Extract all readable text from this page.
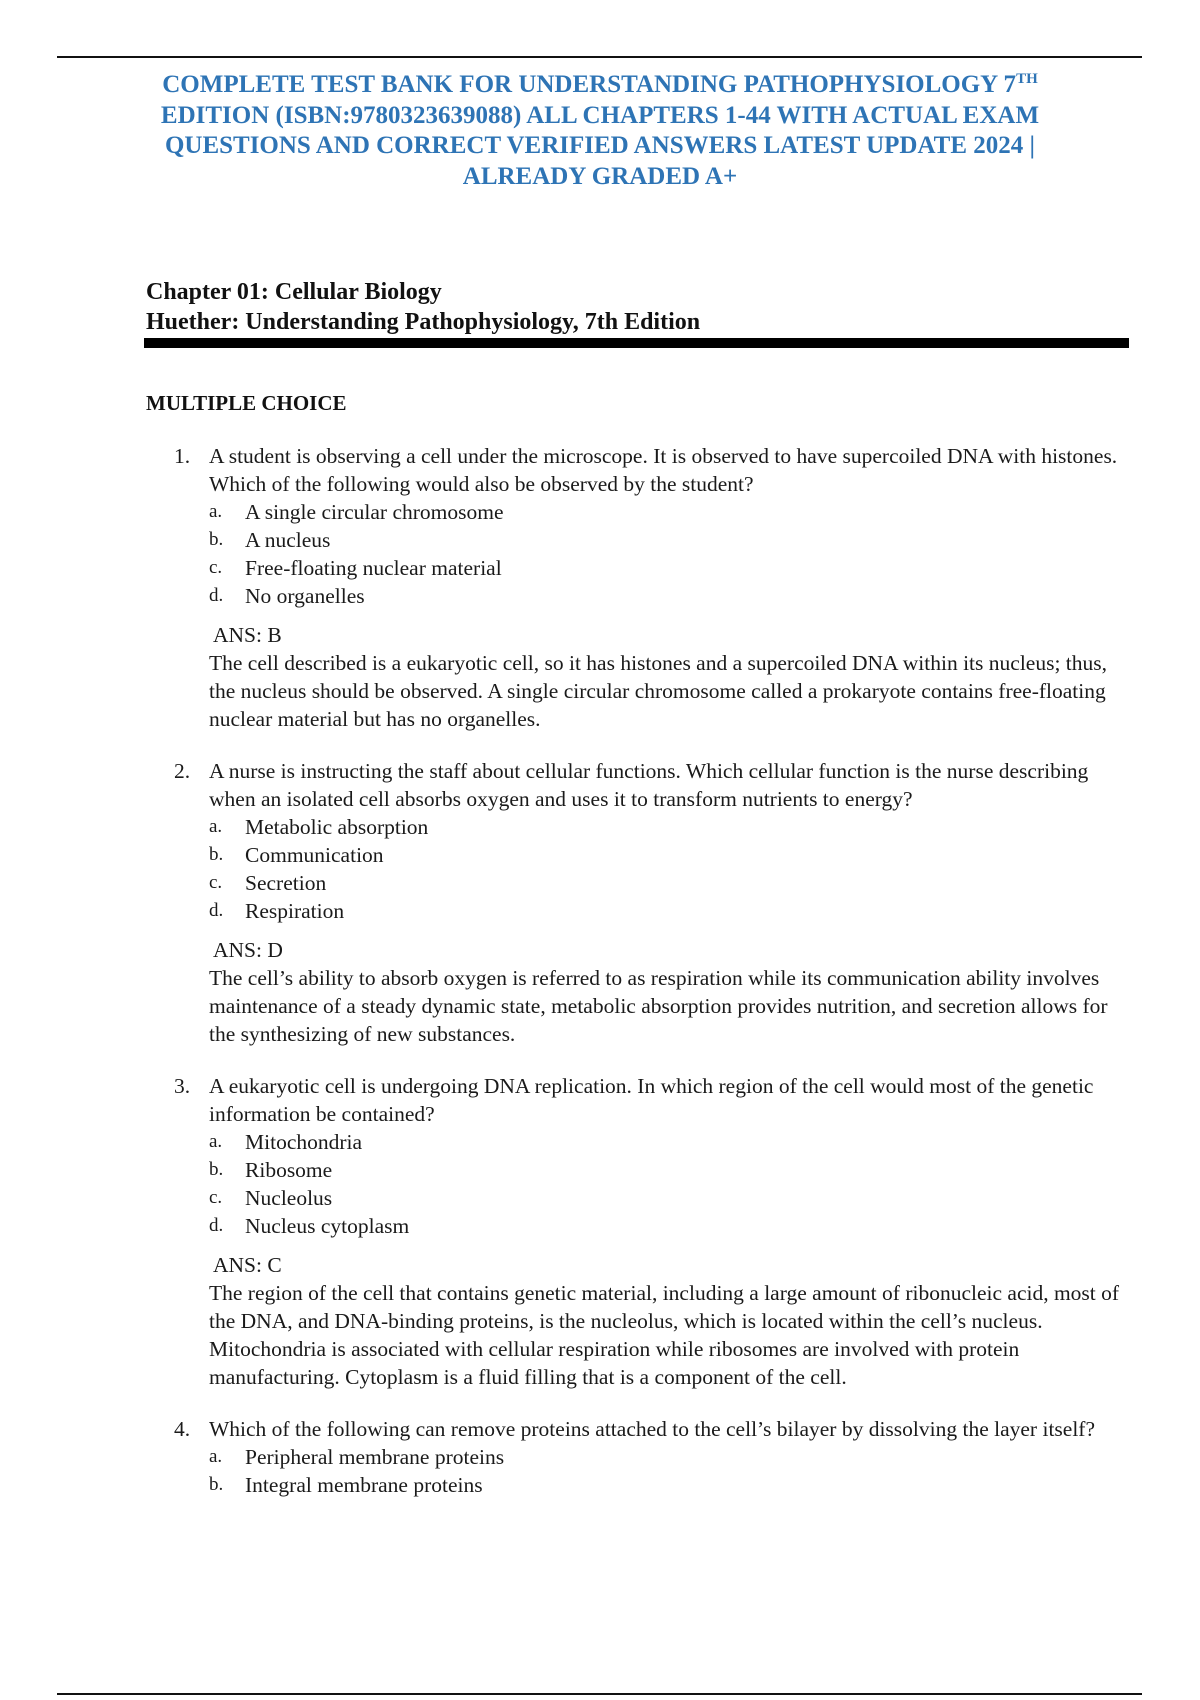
COMPLETE TEST BANK FOR UNDERSTANDING PATHOPHYSIOLOGY 7TH EDITION (ISBN:9780323639088) ALL CHAPTERS 1-44 WITH ACTUAL EXAM QUESTIONS AND CORRECT VERIFIED ANSWERS LATEST UPDATE 2024 | ALREADY GRADED A+
Chapter 01: Cellular Biology
Huether: Understanding Pathophysiology, 7th Edition
MULTIPLE CHOICE
1. A student is observing a cell under the microscope. It is observed to have supercoiled DNA with histones. Which of the following would also be observed by the student?
a.	A single circular chromosome
b.	A nucleus
c.	Free-floating nuclear material
d.	No organelles
ANS: B
The cell described is a eukaryotic cell, so it has histones and a supercoiled DNA within its nucleus; thus, the nucleus should be observed. A single circular chromosome called a prokaryote contains free-floating nuclear material but has no organelles.
2. A nurse is instructing the staff about cellular functions. Which cellular function is the nurse describing when an isolated cell absorbs oxygen and uses it to transform nutrients to energy?
a.	Metabolic absorption
b.	Communication
c.	Secretion
d.	Respiration
ANS: D
The cell’s ability to absorb oxygen is referred to as respiration while its communication ability involves maintenance of a steady dynamic state, metabolic absorption provides nutrition, and secretion allows for the synthesizing of new substances.
3. A eukaryotic cell is undergoing DNA replication. In which region of the cell would most of the genetic information be contained?
a.	Mitochondria
b.	Ribosome
c.	Nucleolus
d.	Nucleus cytoplasm
ANS: C
The region of the cell that contains genetic material, including a large amount of ribonucleic acid, most of the DNA, and DNA-binding proteins, is the nucleolus, which is located within the cell’s nucleus. Mitochondria is associated with cellular respiration while ribosomes are involved with protein manufacturing. Cytoplasm is a fluid filling that is a component of the cell.
4. Which of the following can remove proteins attached to the cell’s bilayer by dissolving the layer itself?
a.	Peripheral membrane proteins
b.	Integral membrane proteins
